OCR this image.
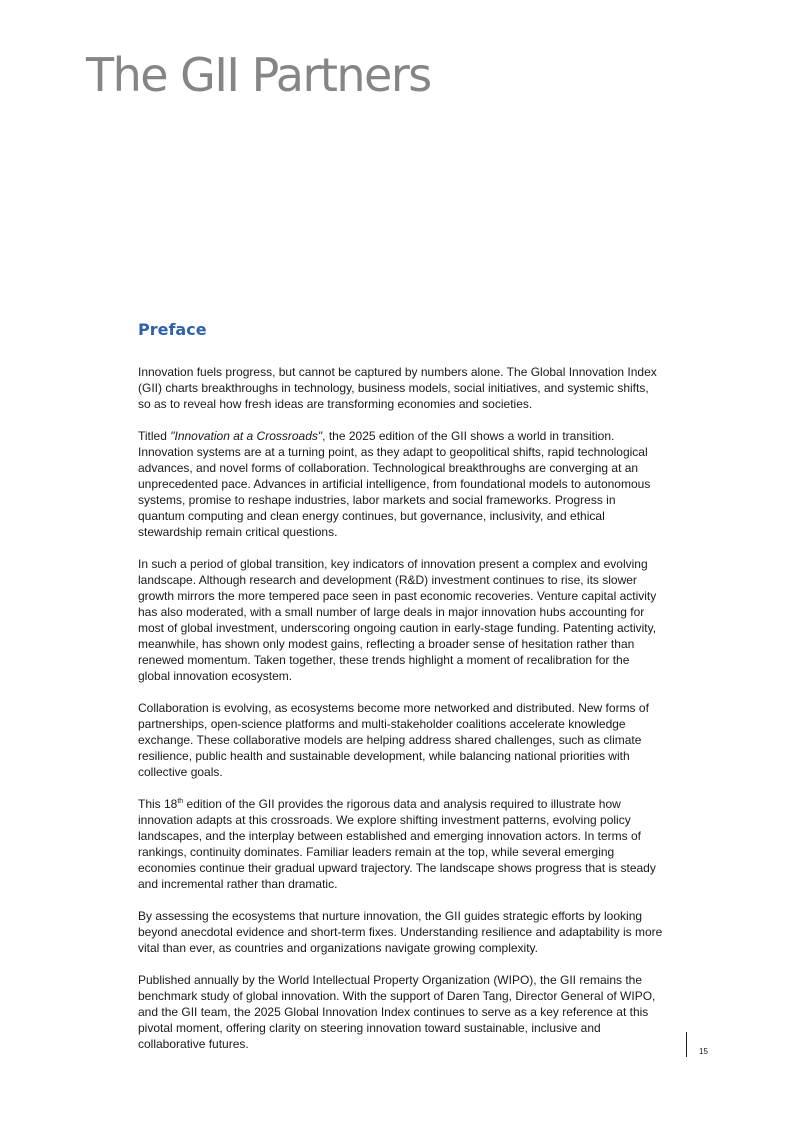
The GII Partners
Preface

Innovation fuels progress, but cannot be captured by numbers alone. The Global Innovation Index (GII) charts breakthroughs in technology, business models, social initiatives, and systemic shifts, so as to reveal how fresh ideas are transforming economies and societies.

Titled "Innovation at a Crossroads", the 2025 edition of the GII shows a world in transition. Innovation systems are at a turning point, as they adapt to geopolitical shifts, rapid technological advances, and novel forms of collaboration. Technological breakthroughs are converging at an unprecedented pace. Advances in artificial intelligence, from foundational models to autonomous systems, promise to reshape industries, labor markets and social frameworks. Progress in quantum computing and clean energy continues, but governance, inclusivity, and ethical stewardship remain critical questions.

In such a period of global transition, key indicators of innovation present a complex and evolving landscape. Although research and development (R&D) investment continues to rise, its slower growth mirrors the more tempered pace seen in past economic recoveries. Venture capital activity has also moderated, with a small number of large deals in major innovation hubs accounting for most of global investment, underscoring ongoing caution in early-stage funding. Patenting activity, meanwhile, has shown only modest gains, reflecting a broader sense of hesitation rather than renewed momentum. Taken together, these trends highlight a moment of recalibration for the global innovation ecosystem.

Collaboration is evolving, as ecosystems become more networked and distributed. New forms of partnerships, open-science platforms and multi-stakeholder coalitions accelerate knowledge exchange. These collaborative models are helping address shared challenges, such as climate resilience, public health and sustainable development, while balancing national priorities with collective goals.

This 18th edition of the GII provides the rigorous data and analysis required to illustrate how innovation adapts at this crossroads. We explore shifting investment patterns, evolving policy landscapes, and the interplay between established and emerging innovation actors. In terms of rankings, continuity dominates. Familiar leaders remain at the top, while several emerging economies continue their gradual upward trajectory. The landscape shows progress that is steady and incremental rather than dramatic.

By assessing the ecosystems that nurture innovation, the GII guides strategic efforts by looking beyond anecdotal evidence and short-term fixes. Understanding resilience and adaptability is more vital than ever, as countries and organizations navigate growing complexity.

Published annually by the World Intellectual Property Organization (WIPO), the GII remains the benchmark study of global innovation. With the support of Daren Tang, Director General of WIPO, and the GII team, the 2025 Global Innovation Index continues to serve as a key reference at this pivotal moment, offering clarity on steering innovation toward sustainable, inclusive and collaborative futures.

15
